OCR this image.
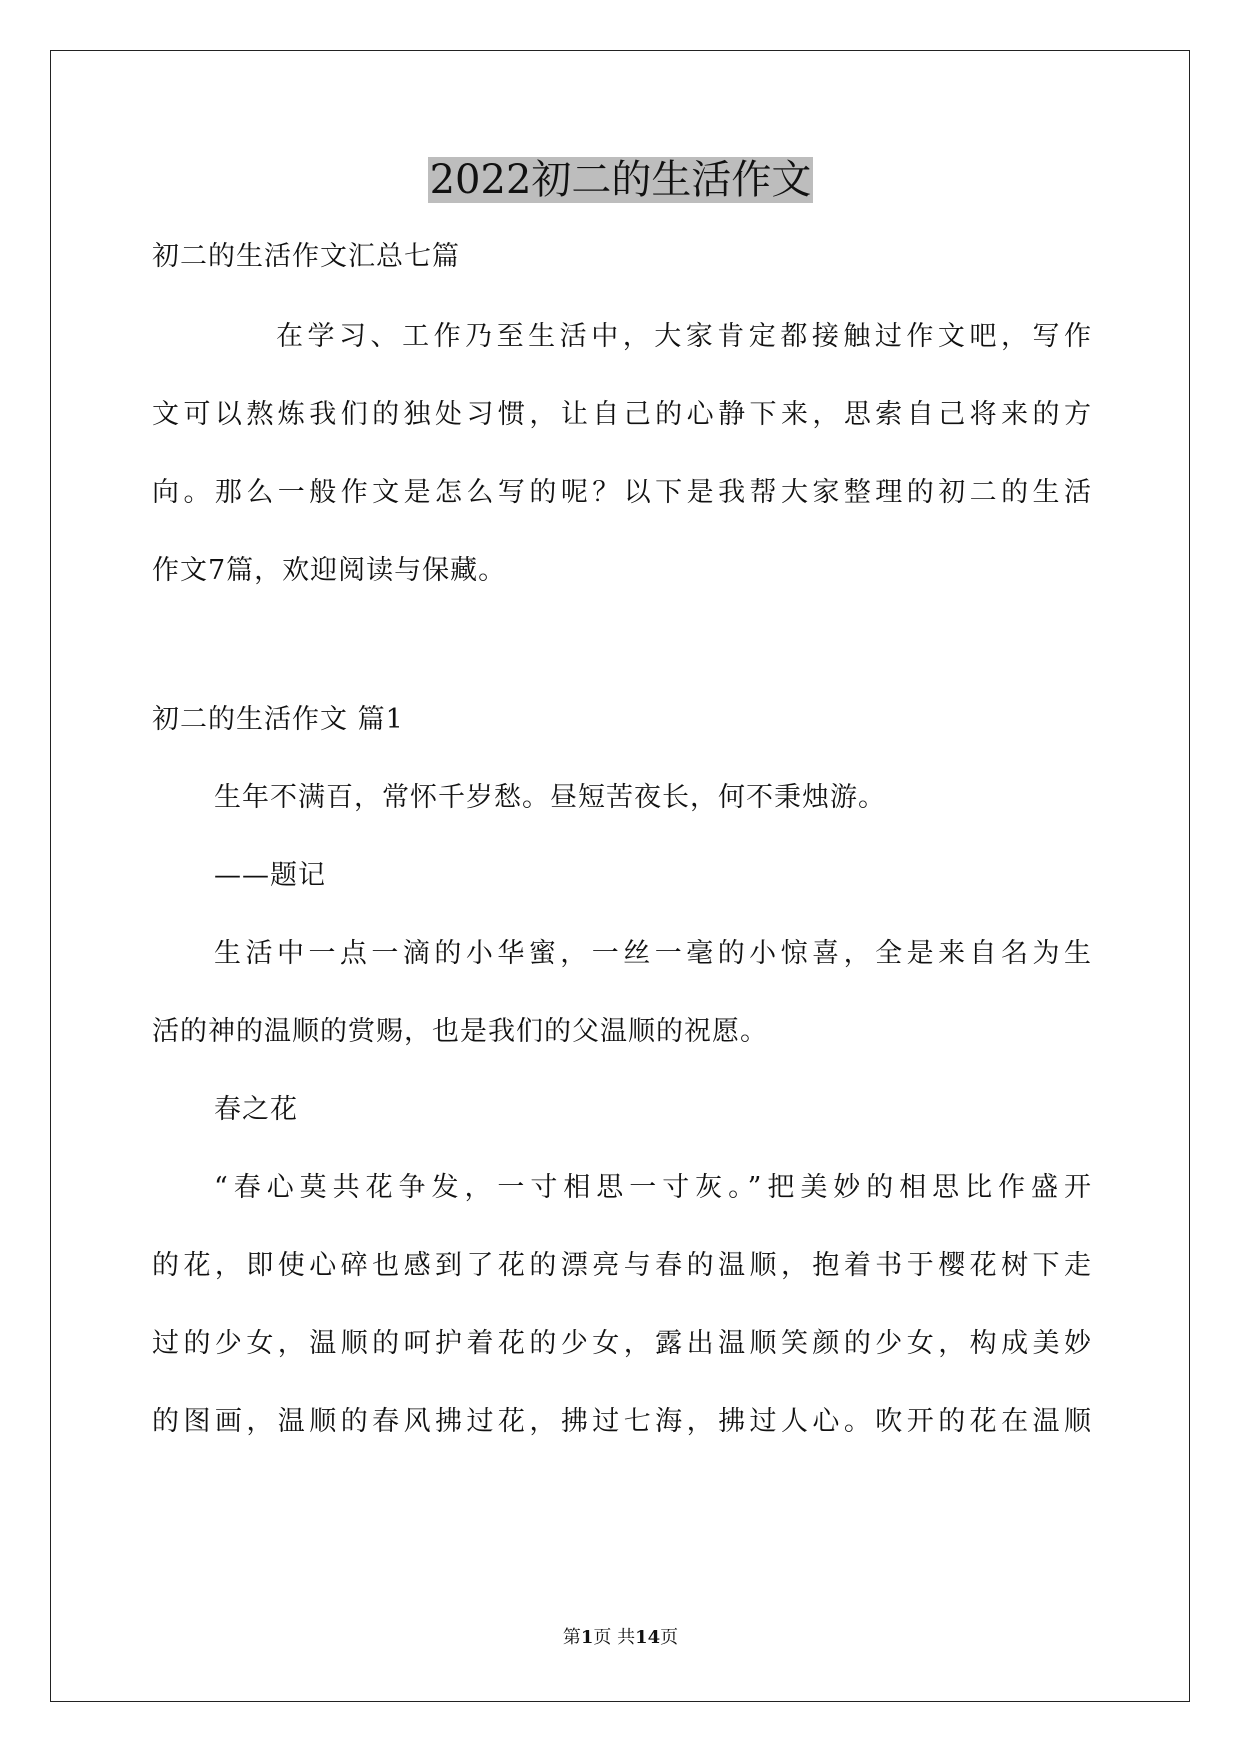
2022初二的生活作文
初二的生活作文汇总七篇
在学习、工作乃至生活中，大家肯定都接触过作文吧，写作
文可以熬炼我们的独处习惯，让自己的心静下来，思索自己将来的方
向。那么一般作文是怎么写的呢？以下是我帮大家整理的初二的生活
作文7篇，欢迎阅读与保藏。
初二的生活作文 篇1
生年不满百，常怀千岁愁。昼短苦夜长，何不秉烛游。
——题记
生活中一点一滴的小华蜜，一丝一毫的小惊喜，全是来自名为生
活的神的温顺的赏赐，也是我们的父温顺的祝愿。
春之花
“春心莫共花争发，一寸相思一寸灰。”把美妙的相思比作盛开
的花，即使心碎也感到了花的漂亮与春的温顺，抱着书于樱花树下走
过的少女，温顺的呵护着花的少女，露出温顺笑颜的少女，构成美妙
的图画，温顺的春风拂过花，拂过七海，拂过人心。吹开的花在温顺
第1页 共14页
